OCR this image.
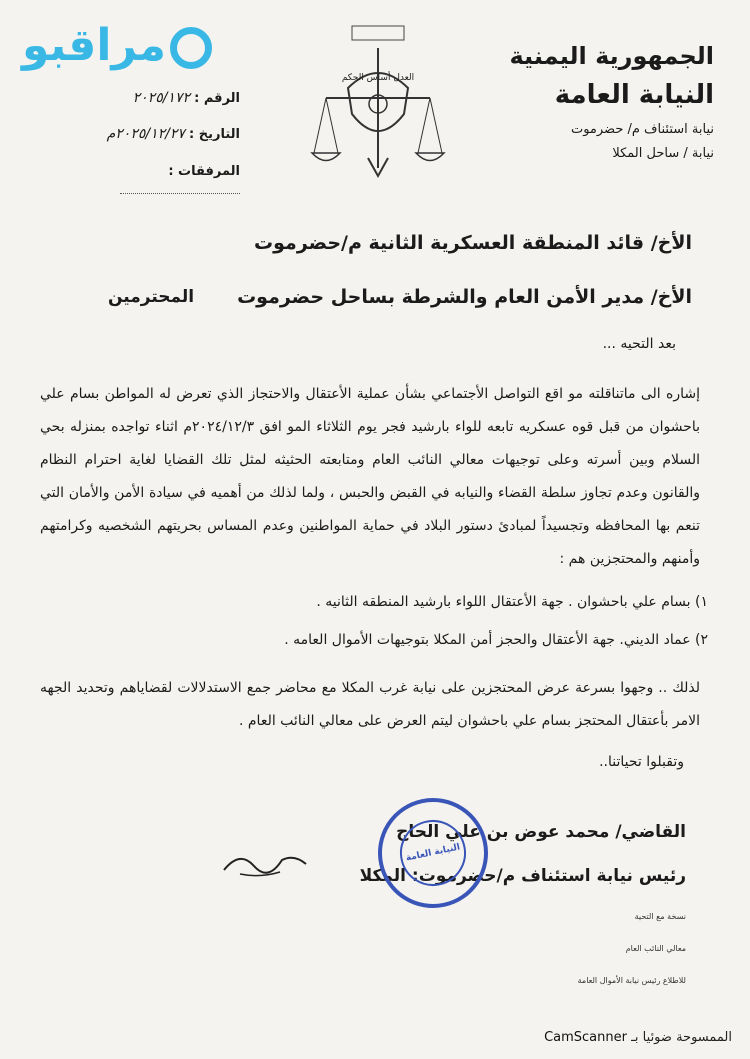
مراقبو	الجمهورية اليمنية
النيابة العامة
نيابة استئناف م/ حضرموت
نيابة / ساحل المكلا
العدل أساس الحكم
الرقم : ٢٠٢٥/١٧٢
التاريخ : ٢٠٢٥/١٢/٢٧م
المرفقات :
الأخ/ قائد المنطقة العسكرية الثانية م/حضرموت
الأخ/ مدير الأمن العام والشرطة بساحل حضرموت
المحترمين
بعد التحيه ...
إشاره الى ماتناقلته مو اقع التواصل الأجتماعي بشأن عملية الأعتقال والاحتجاز الذي تعرض له المواطن بسام علي باحشوان من قبل قوه عسكريه تابعه للواء بارشيد فجر يوم الثلاثاء المو افق ٢٠٢٤/١٢/٣م اثناء تواجده بمنزله بحي السلام وبين أسرته وعلى توجيهات معالي النائب العام ومتابعته الحثيثه لمثل تلك القضايا لغاية احترام النظام والقانون وعدم تجاوز سلطة القضاء والنيابه في القبض والحبس ، ولما لذلك من أهميه في سيادة الأمن والأمان التي تنعم بها المحافظه وتجسيداً لمبادئ دستور البلاد في حماية المواطنين وعدم المساس بحريتهم الشخصيه وكرامتهم وأمنهم والمحتجزين هم :
١) بسام علي باحشوان . جهة الأعتقال اللواء بارشيد المنطقه الثانيه .
٢) عماد الديني. جهة الأعتقال والحجز أمن المكلا بتوجيهات الأموال العامه .
لذلك .. وجهوا بسرعة عرض المحتجزين على نيابة غرب المكلا مع محاضر جمع الاستدلالات لقضاياهم وتحديد الجهه الامر بأعتقال المحتجز بسام علي باحشوان ليتم العرض على معالي النائب العام .
وتقبلوا تحياتنا..
القاضي/ محمد عوض بن علي الحاج
رئيس نيابة استئناف م/حضرموت: المكلا
النيابة العامة
نسخة مع التحية
معالي النائب العام
للاطلاع رئيس نيابة الأموال العامة
CamScanner الممسوحة ضوئيا بـ
